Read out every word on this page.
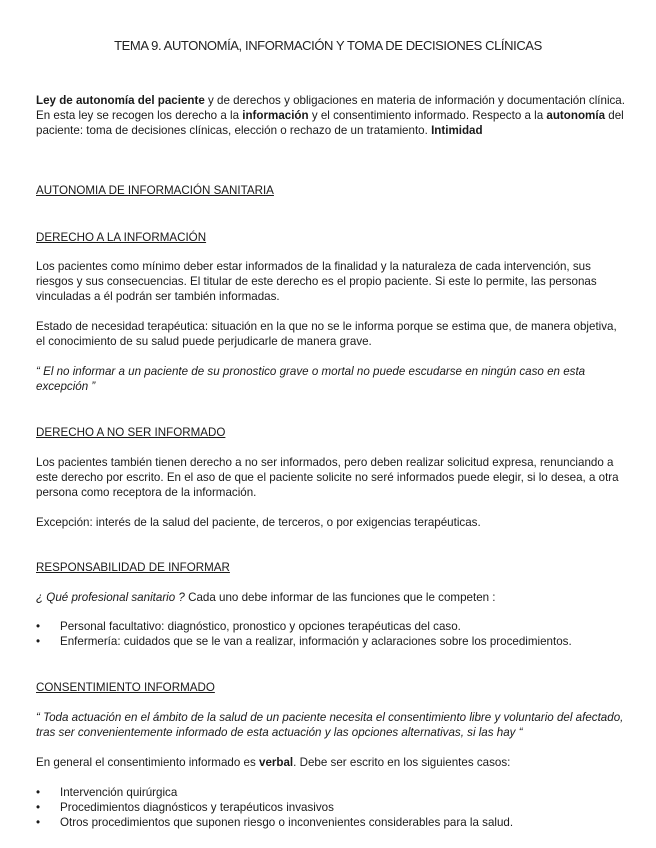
TEMA 9. AUTONOMÍA, INFORMACIÓN Y TOMA DE DECISIONES CLÍNICAS

Ley de autonomía del paciente y de derechos y obligaciones en materia de información y documentación clínica. En esta ley se recogen los derecho a la información y el consentimiento informado. Respecto a la autonomía del paciente: toma de decisiones clínicas, elección o rechazo de un tratamiento. Intimidad

AUTONOMIA DE INFORMACIÓN SANITARIA

DERECHO A LA INFORMACIÓN

Los pacientes como mínimo deber estar informados de la finalidad y la naturaleza de cada intervención, sus riesgos y sus consecuencias. El titular de este derecho es el propio paciente. Si este lo permite, las personas vinculadas a él podrán ser también informadas.

Estado de necesidad terapéutica: situación en la que no se le informa porque se estima que, de manera objetiva, el conocimiento de su salud puede perjudicarle de manera grave.

“ El no informar a un paciente de su pronostico grave o mortal no puede escudarse en ningún caso en esta excepción ”

DERECHO A NO SER INFORMADO

Los pacientes también tienen derecho a no ser informados, pero deben realizar solicitud expresa, renunciando a este derecho por escrito. En el aso de que el paciente solicite no seré informados puede elegir, si lo desea, a otra persona como receptora de la información.

Excepción: interés de la salud del paciente, de terceros, o por exigencias terapéuticas.

RESPONSABILIDAD DE INFORMAR

¿ Qué profesional sanitario ? Cada uno debe informar de las funciones que le competen :

• Personal facultativo: diagnóstico, pronostico y opciones terapéuticas del caso.
• Enfermería: cuidados que se le van a realizar, información y aclaraciones sobre los procedimientos.

CONSENTIMIENTO INFORMADO

“ Toda actuación en el ámbito de la salud de un paciente necesita el consentimiento libre y voluntario del afectado, tras ser convenientemente informado de esta actuación y las opciones alternativas, si las hay “

En general el consentimiento informado es verbal. Debe ser escrito en los siguientes casos:

• Intervención quirúrgica
• Procedimientos diagnósticos y terapéuticos invasivos
• Otros procedimientos que suponen riesgo o inconvenientes considerables para la salud.
